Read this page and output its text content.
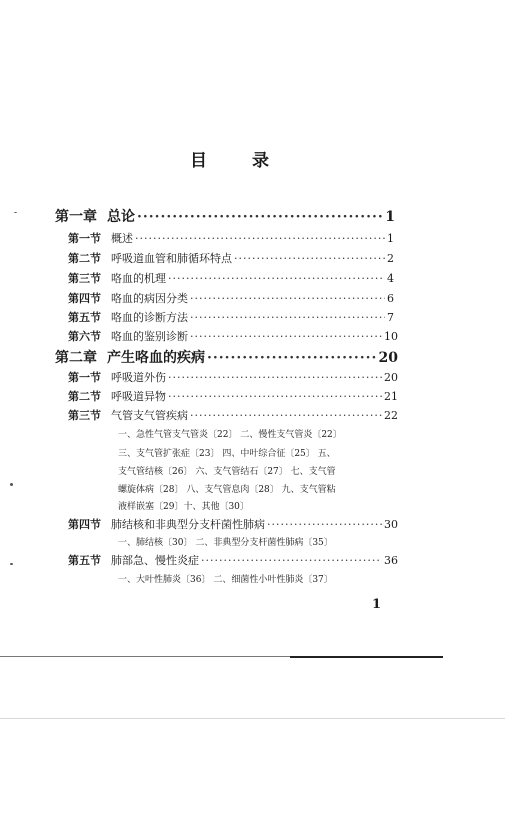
目	录
第一章 总论 ·····	1
第一节 概述 ·····	1
第二节 呼吸道血管和肺循环特点 ·····	2
第三节 咯血的机理 ·····	4
第四节 咯血的病因分类 ·····	6
第五节 咯血的诊断方法 ·····	7
第六节 咯血的鉴别诊断 ·····	10
第二章 产生咯血的疾病 ·····	20
第一节 呼吸道外伤 ·····	20
第二节 呼吸道异物 ·····	21
第三节 气管支气管疾病 ·····	22
一、急性气管支气管炎〔22〕 二、慢性支气管炎〔22〕
三、支气管扩张症〔23〕 四、中叶综合征〔25〕 五、
支气管结核〔26〕 六、支气管结石〔27〕 七、支气管
螺旋体病〔28〕 八、支气管息肉〔28〕 九、支气管粘
液样嵌塞〔29〕十、其他〔30〕
第四节 肺结核和非典型分支杆菌性肺病 ·····	30
一、肺结核〔30〕 二、非典型分支杆菌性肺病〔35〕
第五节 肺部急、慢性炎症 ·····	36
一、大叶性肺炎〔36〕 二、细菌性小叶性肺炎〔37〕
1
